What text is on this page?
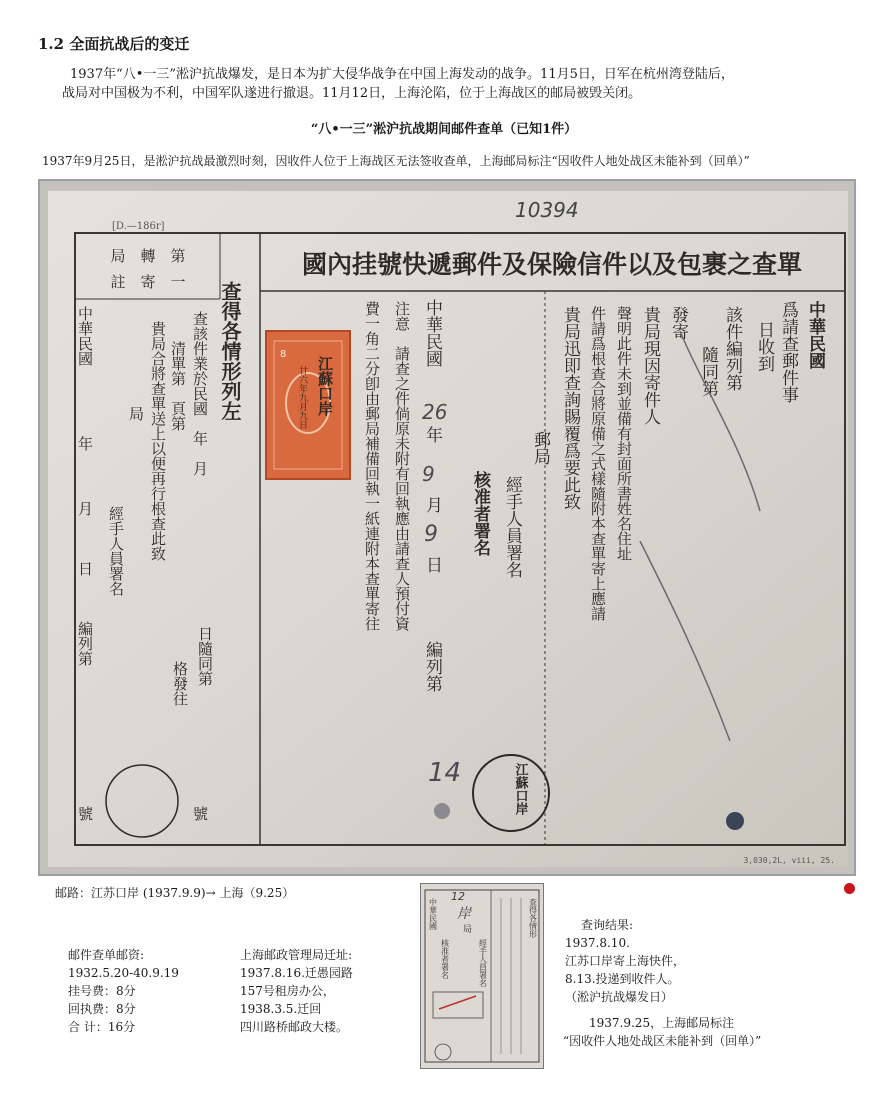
1.2 全面抗战后的变迁
1937年“八•一三”淞沪抗战爆发，是日本为扩大侵华战争在中国上海发动的战争。11月5日，日军在杭州湾登陆后，
战局对中国极为不利，中国军队遂进行撤退。11月12日，上海沦陷，位于上海战区的邮局被毁关闭。
“八•一三”淞沪抗战期间邮件查单（已知1件）
1937年9月25日，是淞沪抗战最激烈时刻，因收件人位于上海战区无法签收查单，上海邮局标注“因收件人地处战区未能补到（回单）”
[D.—186r]
10394
國內挂號快遞郵件及保險信件以及包裹之查單
局　轉　第
註　寄　一
中華民國
爲請查郵件事
日收到
該件編列第
隨同第
發寄
貴局現因寄件人
聲明此件未到並備有封面所書姓名住址
件請爲根查合將原備之式樣隨附本查單寄上應請
貴局迅即查詢賜覆爲要此致
郵局
經手人員署名
核准者署名
中華民國
年
月
日
編列第
注意　請查之件倘原未附有回執應由請查人預付資
費一角二分卽由郵局補備回執一紙連附本查單寄往
查得各情形列左
查該件業於民國　年　月
清單第　頁第
貴局合將查單送上以便再行根查此致
日隨同第
格發往
局
經手人員署名
中華民國
年
月
日
編列第
號	號
26
9
9
14
8
江蘇口岸
廿六年九月九日
江蘇口岸
3,030,2L, viii, 25.
邮路：江苏口岸 (1937.9.9)→ 上海（9.25）
邮件查单邮资:
1932.5.20-40.9.19
挂号费：8分
回执费：8分
合 计：16分
上海邮政管理局迁址:
1937.8.16.迁愚园路
157号租房办公，
1938.3.5.迁回
四川路桥邮政大楼。
中華民國
核准者署名	經手人員署名
查得各情形
局
12
岸
查询结果:
1937.8.10.
江苏口岸寄上海快件，
8.13.投递到收件人。
（淞沪抗战爆发日）
1937.9.25，上海邮局标注
“因收件人地处战区未能补到（回单）”
